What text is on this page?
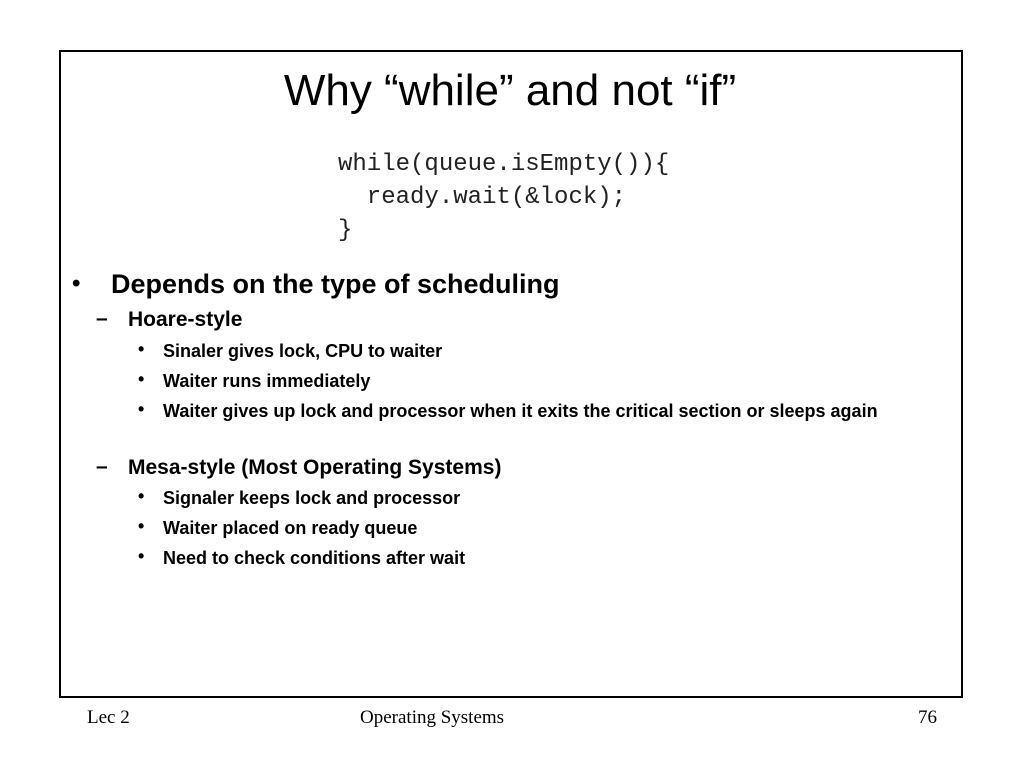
Why “while” and not “if”
while(queue.isEmpty()){
ready.wait(&lock);
}
• Depends on the type of scheduling
– Hoare-style
• Sinaler gives lock, CPU to waiter
• Waiter runs immediately
• Waiter gives up lock and processor when it exits the critical section or sleeps again
– Mesa-style (Most Operating Systems)
• Signaler keeps lock and processor
• Waiter placed on ready queue
• Need to check conditions after wait
Lec 2	Operating Systems	76
